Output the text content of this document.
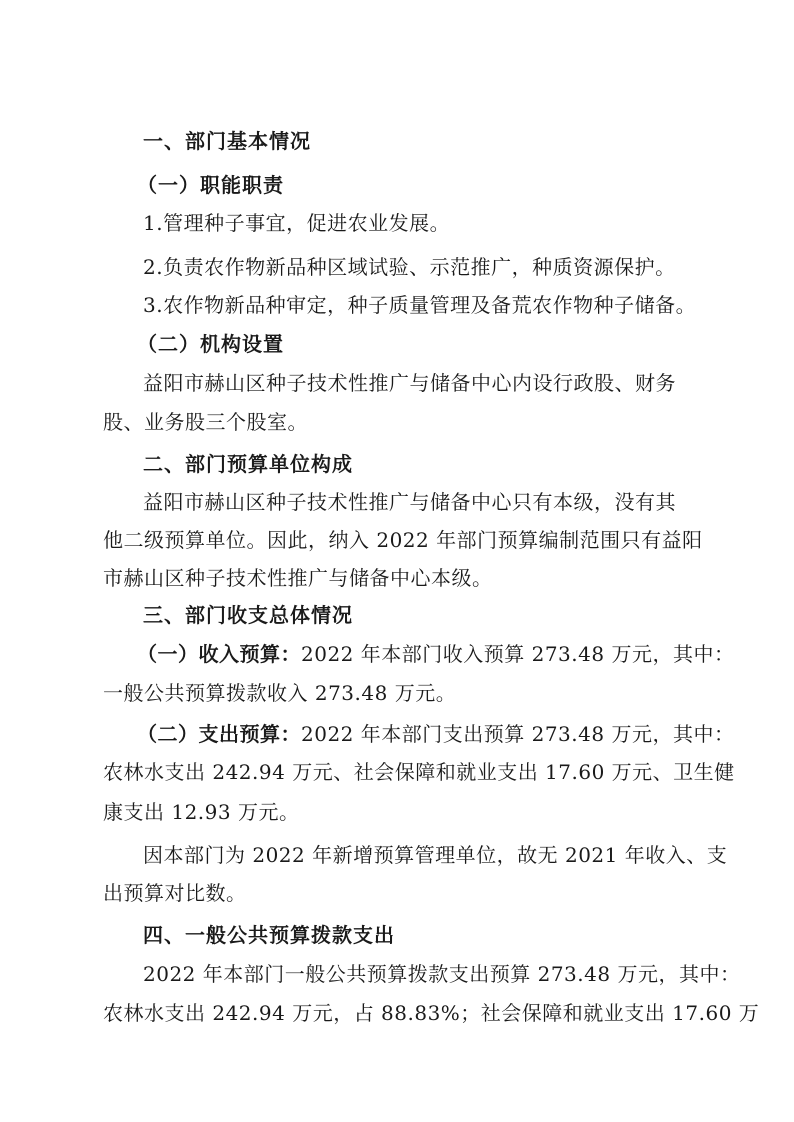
一、部门基本情况
（一）职能职责
1.管理种子事宜，促进农业发展。
2.负责农作物新品种区域试验、示范推广，种质资源保护。
3.农作物新品种审定，种子质量管理及备荒农作物种子储备。
（二）机构设置
益阳市赫山区种子技术性推广与储备中心内设行政股、财务
股、业务股三个股室。
二、部门预算单位构成
益阳市赫山区种子技术性推广与储备中心只有本级，没有其
他二级预算单位。因此，纳入 2022 年部门预算编制范围只有益阳
市赫山区种子技术性推广与储备中心本级。
三、部门收支总体情况
（一）收入预算：2022 年本部门收入预算 273.48 万元，其中：
一般公共预算拨款收入 273.48 万元。
（二）支出预算：2022 年本部门支出预算 273.48 万元，其中：
农林水支出 242.94 万元、社会保障和就业支出 17.60 万元、卫生健
康支出 12.93 万元。
因本部门为 2022 年新增预算管理单位，故无 2021 年收入、支
出预算对比数。
四、一般公共预算拨款支出
2022 年本部门一般公共预算拨款支出预算 273.48 万元，其中：
农林水支出 242.94 万元，占 88.83%；社会保障和就业支出 17.60 万
